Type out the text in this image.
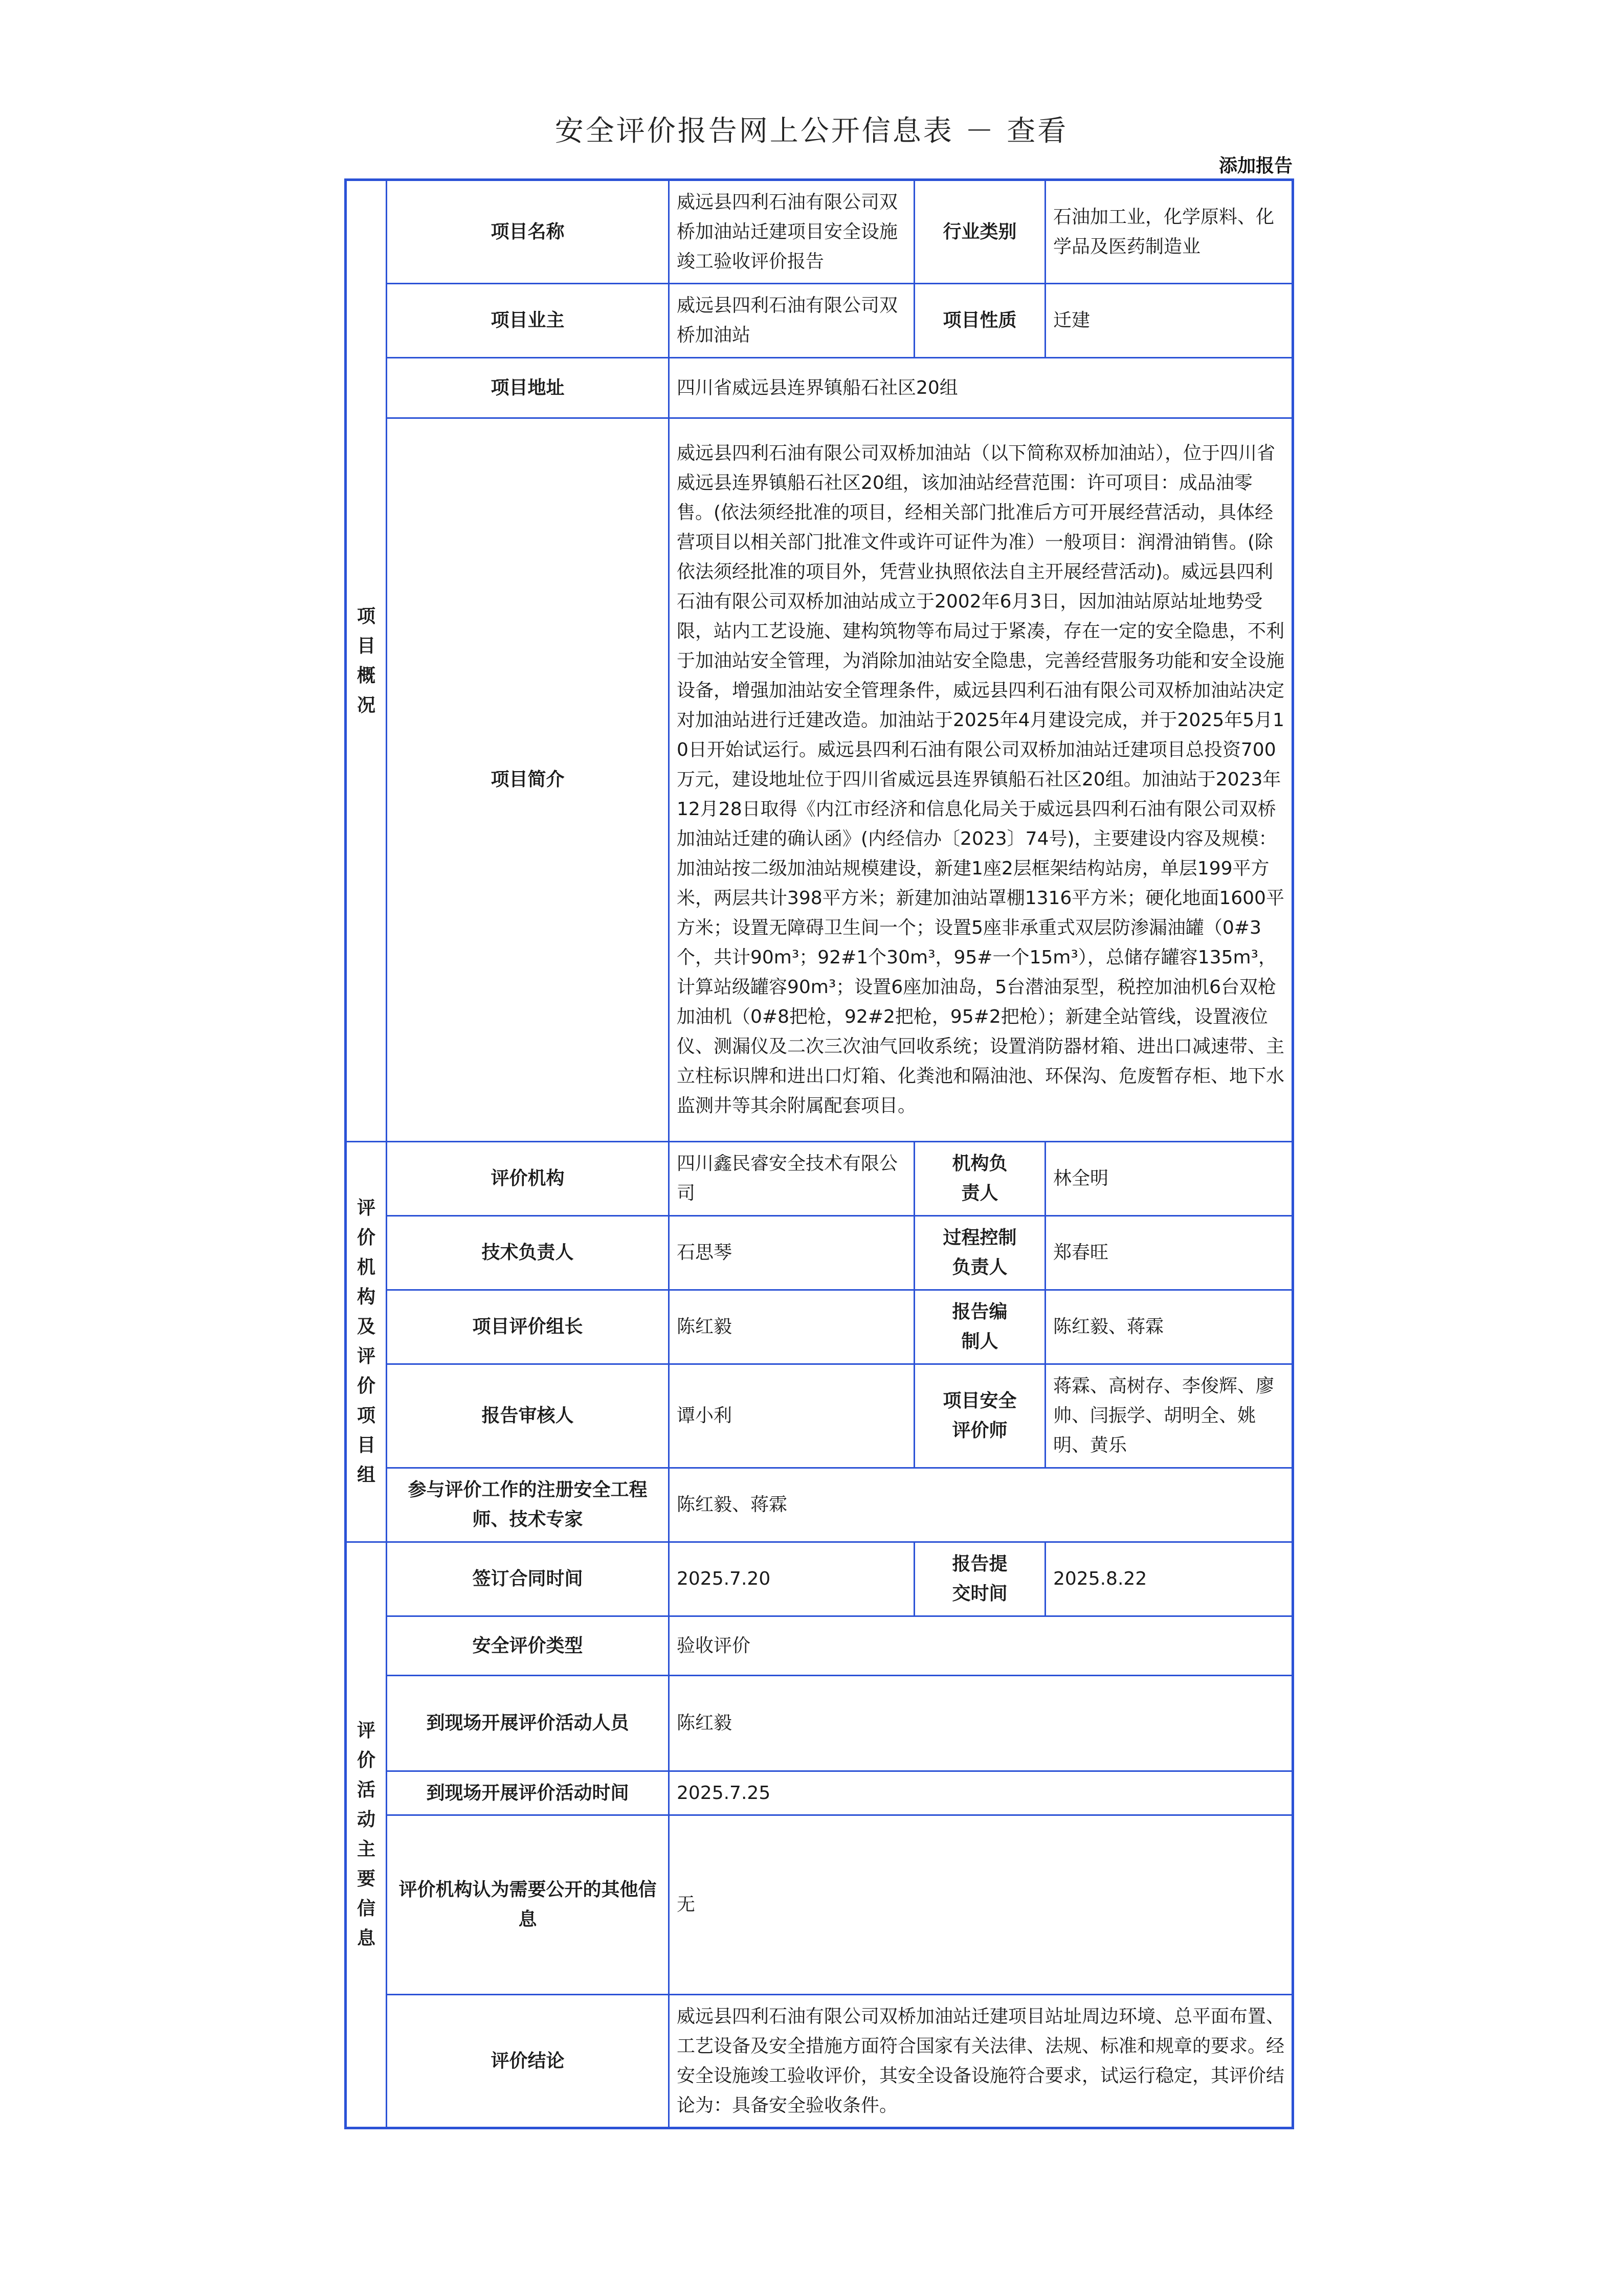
安全评价报告网上公开信息表 － 查看
添加报告
项目概况	项目名称	威远县四利石油有限公司双桥加油站迁建项目安全设施竣工验收评价报告	行业类别	石油加工业，化学原料、化学品及医药制造业
	项目业主	威远县四利石油有限公司双桥加油站	项目性质	迁建
	项目地址	四川省威远县连界镇船石社区20组		
	项目简介	威远县四利石油有限公司双桥加油站（以下简称双桥加油站），位于四川省威远县连界镇船石社区20组，该加油站经营范围：许可项目：成品油零售。(依法须经批准的项目，经相关部门批准后方可开展经营活动，具体经营项目以相关部门批准文件或许可证件为准）一般项目：润滑油销售。(除依法须经批准的项目外，凭营业执照依法自主开展经营活动)。威远县四利石油有限公司双桥加油站成立于2002年6月3日，因加油站原站址地势受限，站内工艺设施、建构筑物等布局过于紧凑，存在一定的安全隐患，不利于加油站安全管理，为消除加油站安全隐患，完善经营服务功能和安全设施设备，增强加油站安全管理条件，威远县四利石油有限公司双桥加油站决定对加油站进行迁建改造。加油站于2025年4月建设完成，并于2025年5月10日开始试运行。威远县四利石油有限公司双桥加油站迁建项目总投资700万元，建设地址位于四川省威远县连界镇船石社区20组。加油站于2023年12月28日取得《内江市经济和信息化局关于威远县四利石油有限公司双桥加油站迁建的确认函》(内经信办〔2023〕74号)，主要建设内容及规模：加油站按二级加油站规模建设，新建1座2层框架结构站房，单层199平方米，两层共计398平方米；新建加油站罩棚1316平方米；硬化地面1600平方米；设置无障碍卫生间一个；设置5座非承重式双层防渗漏油罐（0#3个，共计90m³；92#1个30m³，95#一个15m³），总储存罐容135m³，计算站级罐容90m³；设置6座加油岛，5台潜油泵型，税控加油机6台双枪加油机（0#8把枪，92#2把枪，95#2把枪）；新建全站管线，设置液位仪、测漏仪及二次三次油气回收系统；设置消防器材箱、进出口减速带、主立柱标识牌和进出口灯箱、化粪池和隔油池、环保沟、危废暂存柜、地下水监测井等其余附属配套项目。		
评价机构及评价项目组	评价机构	四川鑫民睿安全技术有限公司	机构负责人	林全明
	技术负责人	石思琴	过程控制负责人	郑春旺
	项目评价组长	陈红毅	报告编制人	陈红毅、蒋霖
	报告审核人	谭小利	项目安全评价师	蒋霖、高树存、李俊辉、廖帅、闫振学、胡明全、姚明、黄乐
	参与评价工作的注册安全工程师、技术专家	陈红毅、蒋霖		
评价活动主要信息	签订合同时间	2025.7.20	报告提交时间	2025.8.22
	安全评价类型	验收评价		
	到现场开展评价活动人员	陈红毅		
	到现场开展评价活动时间	2025.7.25		
	评价机构认为需要公开的其他信息	无		
	评价结论	威远县四利石油有限公司双桥加油站迁建项目站址周边环境、总平面布置、工艺设备及安全措施方面符合国家有关法律、法规、标准和规章的要求。经安全设施竣工验收评价，其安全设备设施符合要求，试运行稳定，其评价结论为：具备安全验收条件。		
